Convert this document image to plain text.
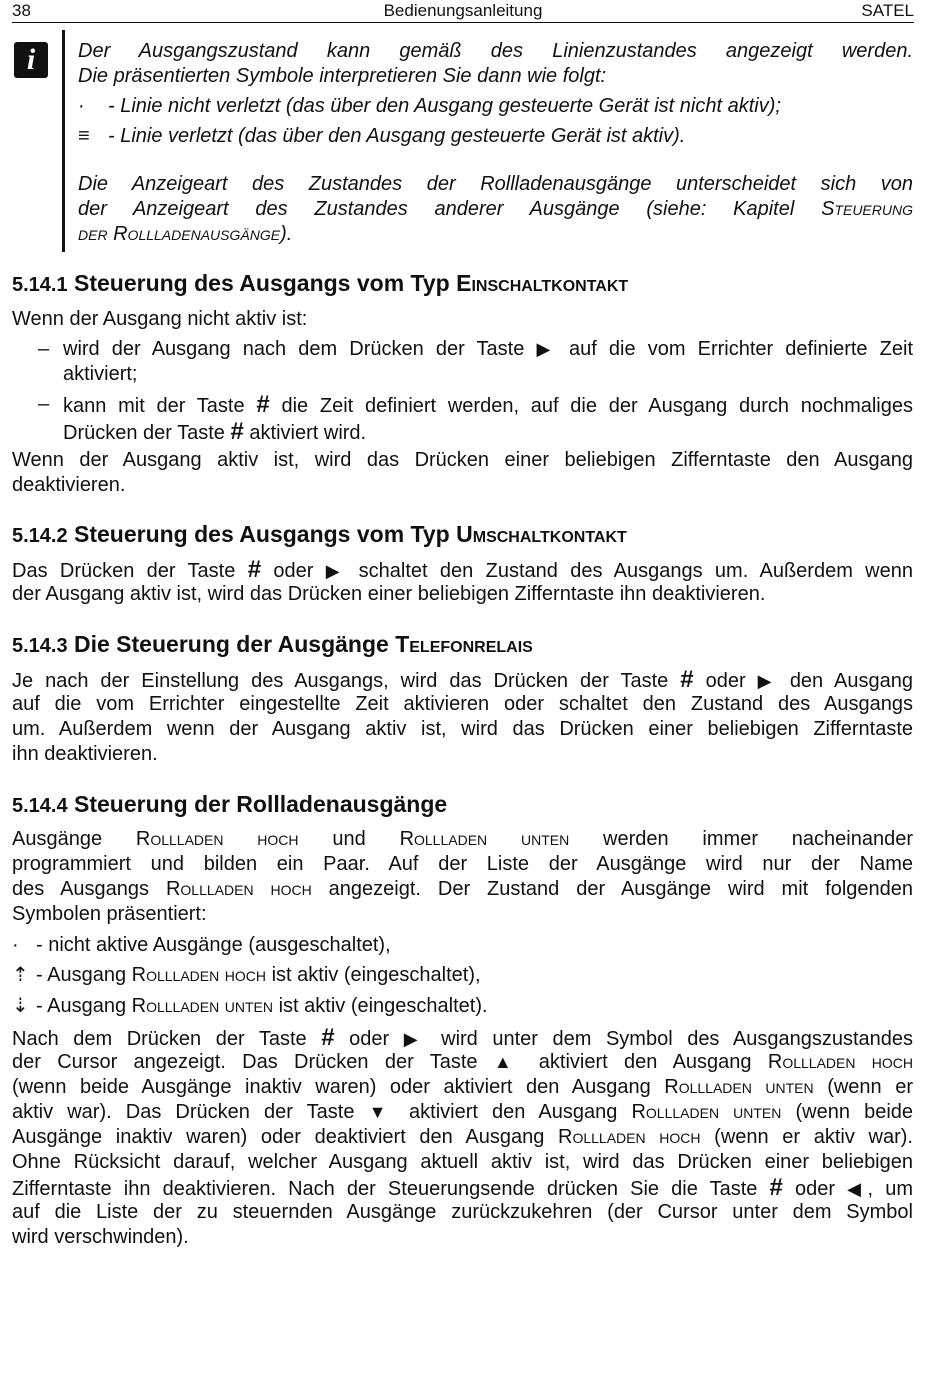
38	Bedienungsanleitung	SATEL
i	Der Ausgangszustand kann gemäß des Linienzustandes angezeigt werden.
Die präsentierten Symbole interpretieren Sie dann wie folgt:
· - Linie nicht verletzt (das über den Ausgang gesteuerte Gerät ist nicht aktiv);
≡ - Linie verletzt (das über den Ausgang gesteuerte Gerät ist aktiv).
Die Anzeigeart des Zustandes der Rollladenausgänge unterscheidet sich von
der Anzeigeart des Zustandes anderer Ausgänge (siehe: Kapitel Steuerung
der Rollladenausgänge).
5.14.1 Steuerung des Ausgangs vom Typ Einschaltkontakt
Wenn der Ausgang nicht aktiv ist:
– wird der Ausgang nach dem Drücken der Taste ▶ auf die vom Errichter definierte Zeit
aktiviert;
– kann mit der Taste # die Zeit definiert werden, auf die der Ausgang durch nochmaliges
Drücken der Taste # aktiviert wird.
Wenn der Ausgang aktiv ist, wird das Drücken einer beliebigen Zifferntaste den Ausgang
deaktivieren.
5.14.2 Steuerung des Ausgangs vom Typ Umschaltkontakt
Das Drücken der Taste # oder ▶ schaltet den Zustand des Ausgangs um. Außerdem wenn
der Ausgang aktiv ist, wird das Drücken einer beliebigen Zifferntaste ihn deaktivieren.
5.14.3 Die Steuerung der Ausgänge Telefonrelais
Je nach der Einstellung des Ausgangs, wird das Drücken der Taste # oder ▶ den Ausgang
auf die vom Errichter eingestellte Zeit aktivieren oder schaltet den Zustand des Ausgangs
um. Außerdem wenn der Ausgang aktiv ist, wird das Drücken einer beliebigen Zifferntaste
ihn deaktivieren.
5.14.4 Steuerung der Rollladenausgänge
Ausgänge Rollladen hoch und Rollladen unten werden immer nacheinander
programmiert und bilden ein Paar. Auf der Liste der Ausgänge wird nur der Name
des Ausgangs Rollladen hoch angezeigt. Der Zustand der Ausgänge wird mit folgenden
Symbolen präsentiert:
· - nicht aktive Ausgänge (ausgeschaltet),
⇡ - Ausgang Rollladen hoch ist aktiv (eingeschaltet),
⇣ - Ausgang Rollladen unten ist aktiv (eingeschaltet).
Nach dem Drücken der Taste # oder ▶ wird unter dem Symbol des Ausgangszustandes
der Cursor angezeigt. Das Drücken der Taste ▲ aktiviert den Ausgang Rollladen hoch
(wenn beide Ausgänge inaktiv waren) oder aktiviert den Ausgang Rollladen unten (wenn er
aktiv war). Das Drücken der Taste ▼ aktiviert den Ausgang Rollladen unten (wenn beide
Ausgänge inaktiv waren) oder deaktiviert den Ausgang Rollladen hoch (wenn er aktiv war).
Ohne Rücksicht darauf, welcher Ausgang aktuell aktiv ist, wird das Drücken einer beliebigen
Zifferntaste ihn deaktivieren. Nach der Steuerungsende drücken Sie die Taste # oder ◀, um
auf die Liste der zu steuernden Ausgänge zurückzukehren (der Cursor unter dem Symbol
wird verschwinden).
